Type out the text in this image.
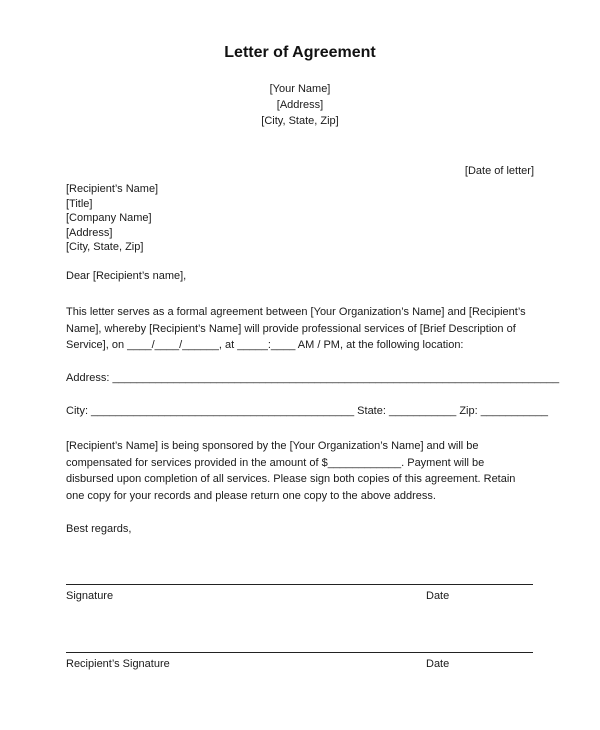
Letter of Agreement
[Your Name]
[Address]
[City, State, Zip]
[Date of letter]
[Recipient’s Name]
[Title]
[Company Name]
[Address]
[City, State, Zip]
Dear [Recipient’s name],
This letter serves as a formal agreement between [Your Organization’s Name] and [Recipient’s
Name], whereby [Recipient’s Name] will provide professional services of [Brief Description of
Service], on ____/____/______, at _____:____ AM / PM, at the following location:
Address: _________________________________________________________________________
City: ___________________________________________ State: ___________ Zip: ___________
[Recipient’s Name] is being sponsored by the [Your Organization’s Name] and will be
compensated for services provided in the amount of $____________. Payment will be
disbursed upon completion of all services. Please sign both copies of this agreement. Retain
one copy for your records and please return one copy to the above address.
Best regards,
Signature	Date
Recipient’s Signature	Date
